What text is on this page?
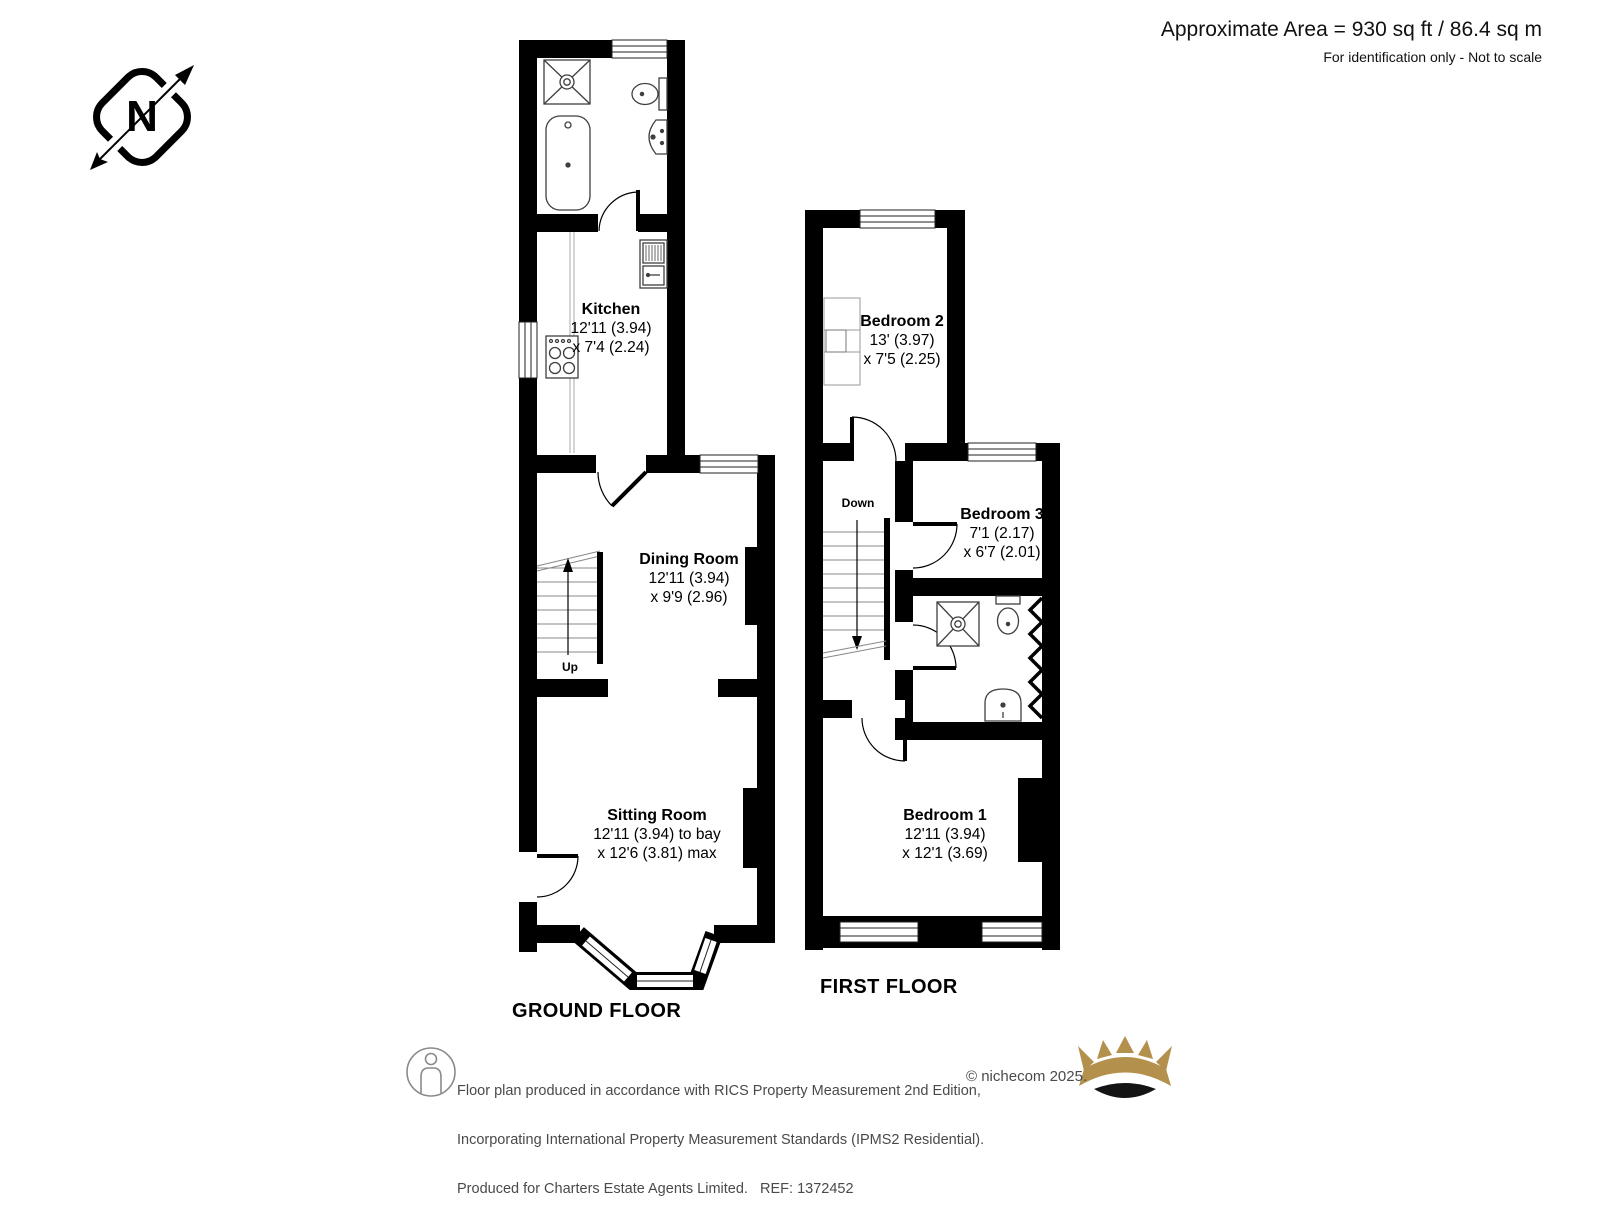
Approximate Area = 930 sq ft / 86.4 sq m
For identification only - Not to scale
N
Kitchen
12'11 (3.94)
x 7'4 (2.24)
Dining Room
12'11 (3.94)
x 9'9 (2.96)
Sitting Room
12'11 (3.94) to bay
x 12'6 (3.81) max
Bedroom 2
13' (3.97)
x 7'5 (2.25)
Bedroom 3
7'1 (2.17)
x 6'7 (2.01)
Bedroom 1
12'11 (3.94)
x 12'1 (3.69)
Up
Down
GROUND FLOOR
FIRST FLOOR

Floor plan produced in accordance with RICS Property Measurement 2nd Edition,

Incorporating International Property Measurement Standards (IPMS2 Residential).

Produced for Charters Estate Agents Limited.   REF: 1372452

© nichecom 2025.
